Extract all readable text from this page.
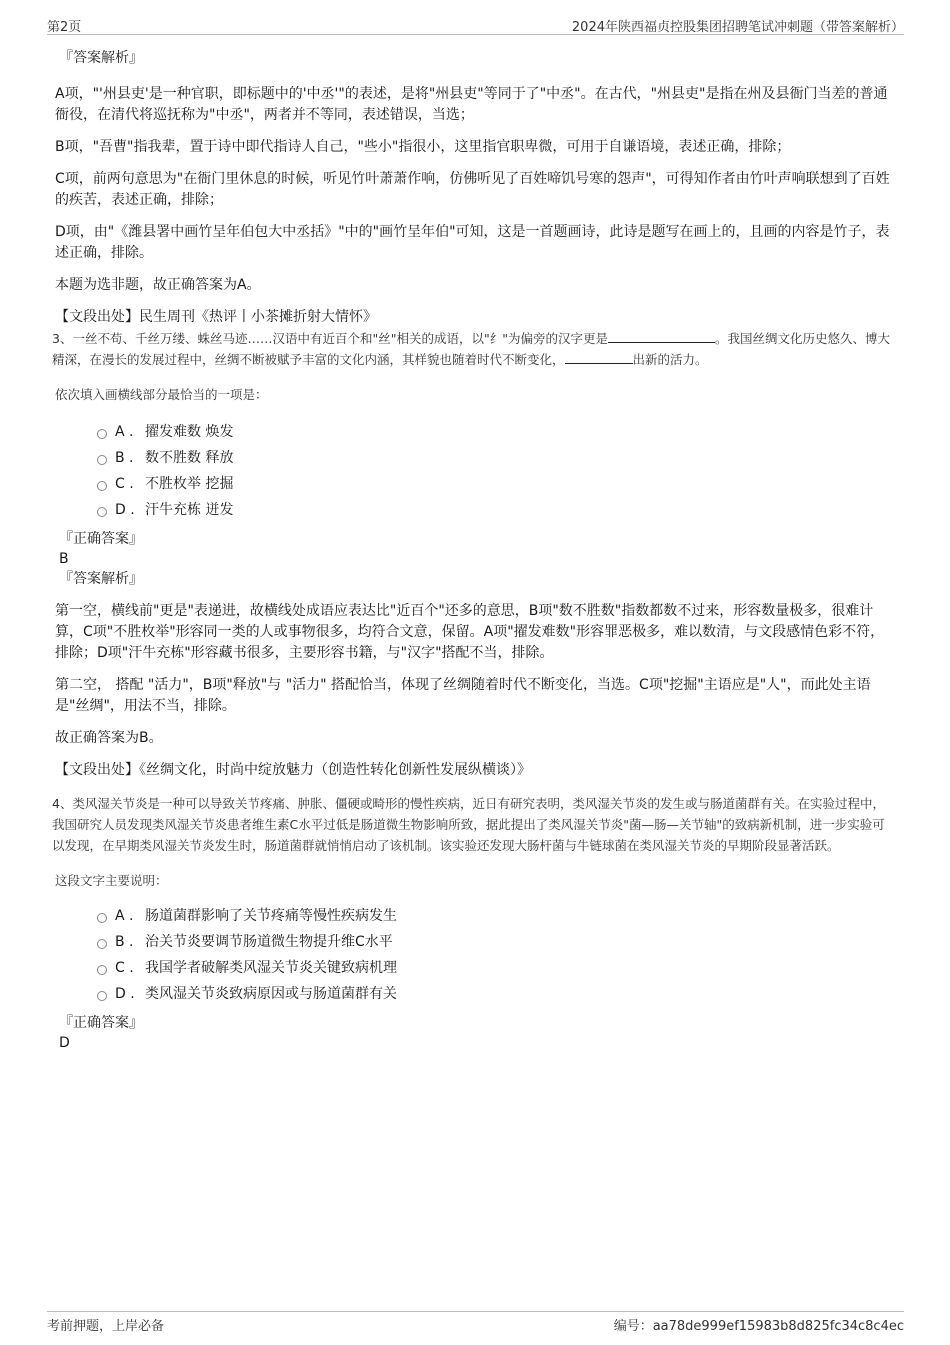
第2页	2024年陕西福贞控股集团招聘笔试冲刺题（带答案解析）
『答案解析』

A项，"'州县吏'是一种官职，即标题中的'中丞'"的表述，是将"州县吏"等同于了"中丞"。在古代，"州县吏"是指在州及县衙门当差的普通衙役，在清代将巡抚称为"中丞"，两者并不等同，表述错误，当选；

B项，"吾曹"指我辈，置于诗中即代指诗人自己，"些小"指很小，这里指官职卑微，可用于自谦语境，表述正确，排除；

C项，前两句意思为"在衙门里休息的时候，听见竹叶萧萧作响，仿佛听见了百姓啼饥号寒的怨声"，可得知作者由竹叶声响联想到了百姓的疾苦，表述正确，排除；

D项，由"《潍县署中画竹呈年伯包大中丞括》"中的"画竹呈年伯"可知，这是一首题画诗，此诗是题写在画上的，且画的内容是竹子，表述正确，排除。

本题为选非题，故正确答案为A。

【文段出处】民生周刊《热评丨小茶摊折射大情怀》

3、一丝不苟、千丝万缕、蛛丝马迹……汉语中有近百个和"丝"相关的成语，以"纟"为偏旁的汉字更是	。我国丝绸文化历史悠久、博大精深，在漫长的发展过程中，丝绸不断被赋予丰富的文化内涵，其样貌也随着时代不断变化，	出新的活力。

依次填入画横线部分最恰当的一项是：

A . 擢发难数 焕发
B . 数不胜数 释放
C . 不胜枚举 挖掘
D . 汗牛充栋 迸发
『正确答案』
B
『答案解析』

第一空，横线前"更是"表递进，故横线处成语应表达比"近百个"还多的意思，B项"数不胜数"指数都数不过来，形容数量极多，很难计算，C项"不胜枚举"形容同一类的人或事物很多，均符合文意，保留。A项"擢发难数"形容罪恶极多，难以数清，与文段感情色彩不符，排除；D项"汗牛充栋"形容藏书很多，主要形容书籍，与"汉字"搭配不当，排除。

第二空， 搭配 "活力"，B项"释放"与 "活力" 搭配恰当，体现了丝绸随着时代不断变化，当选。C项"挖掘"主语应是"人"，而此处主语是"丝绸"，用法不当，排除。

故正确答案为B。

【文段出处】《丝绸文化，时尚中绽放魅力（创造性转化创新性发展纵横谈）》

4、类风湿关节炎是一种可以导致关节疼痛、肿胀、僵硬或畸形的慢性疾病，近日有研究表明，类风湿关节炎的发生或与肠道菌群有关。在实验过程中，我国研究人员发现类风湿关节炎患者维生素C水平过低是肠道微生物影响所致，据此提出了类风湿关节炎"菌—肠—关节轴"的致病新机制，进一步实验可以发现，在早期类风湿关节炎发生时，肠道菌群就悄悄启动了该机制。该实验还发现大肠杆菌与牛链球菌在类风湿关节炎的早期阶段显著活跃。

这段文字主要说明：

A . 肠道菌群影响了关节疼痛等慢性疾病发生
B . 治关节炎要调节肠道微生物提升维C水平
C . 我国学者破解类风湿关节炎关键致病机理
D . 类风湿关节炎致病原因或与肠道菌群有关
『正确答案』
D
考前押题，上岸必备	编号：aa78de999ef15983b8d825fc34c8c4ec
